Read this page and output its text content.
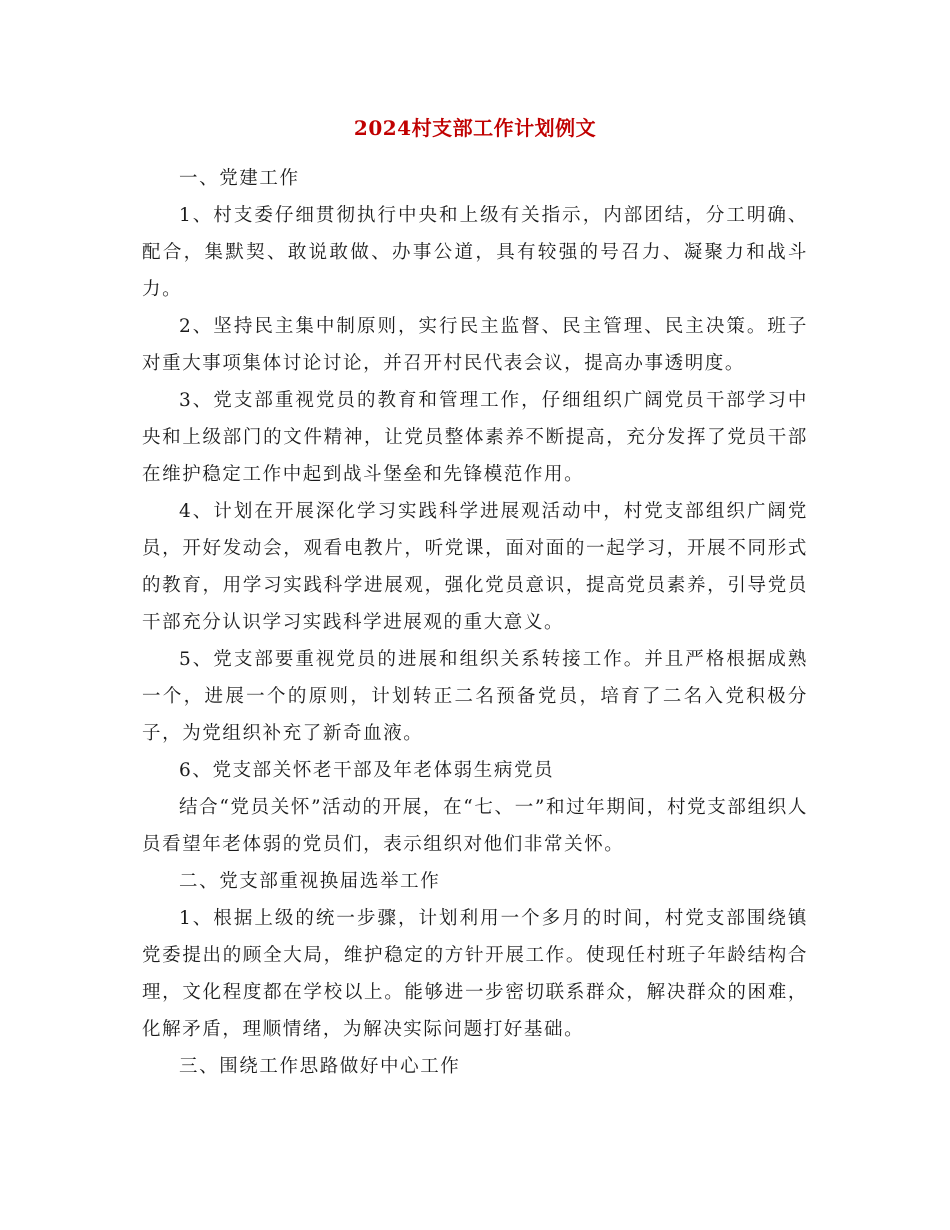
2024村支部工作计划例文

一、党建工作

1、村支委仔细贯彻执行中央和上级有关指示，内部团结，分工明确、配合，集默契、敢说敢做、办事公道，具有较强的号召力、凝聚力和战斗力。

2、坚持民主集中制原则，实行民主监督、民主管理、民主决策。班子对重大事项集体讨论讨论，并召开村民代表会议，提高办事透明度。

3、党支部重视党员的教育和管理工作，仔细组织广阔党员干部学习中央和上级部门的文件精神，让党员整体素养不断提高，充分发挥了党员干部在维护稳定工作中起到战斗堡垒和先锋模范作用。

4、计划在开展深化学习实践科学进展观活动中，村党支部组织广阔党员，开好发动会，观看电教片，听党课，面对面的一起学习，开展不同形式的教育，用学习实践科学进展观，强化党员意识，提高党员素养，引导党员干部充分认识学习实践科学进展观的重大意义。

5、党支部要重视党员的进展和组织关系转接工作。并且严格根据成熟一个，进展一个的原则，计划转正二名预备党员，培育了二名入党积极分子，为党组织补充了新奇血液。

6、党支部关怀老干部及年老体弱生病党员

结合“党员关怀”活动的开展，在“七、一”和过年期间，村党支部组织人员看望年老体弱的党员们，表示组织对他们非常关怀。

二、党支部重视换届选举工作

1、根据上级的统一步骤，计划利用一个多月的时间，村党支部围绕镇党委提出的顾全大局，维护稳定的方针开展工作。使现任村班子年龄结构合理，文化程度都在学校以上。能够进一步密切联系群众，解决群众的困难，化解矛盾，理顺情绪，为解决实际问题打好基础。

三、围绕工作思路做好中心工作
